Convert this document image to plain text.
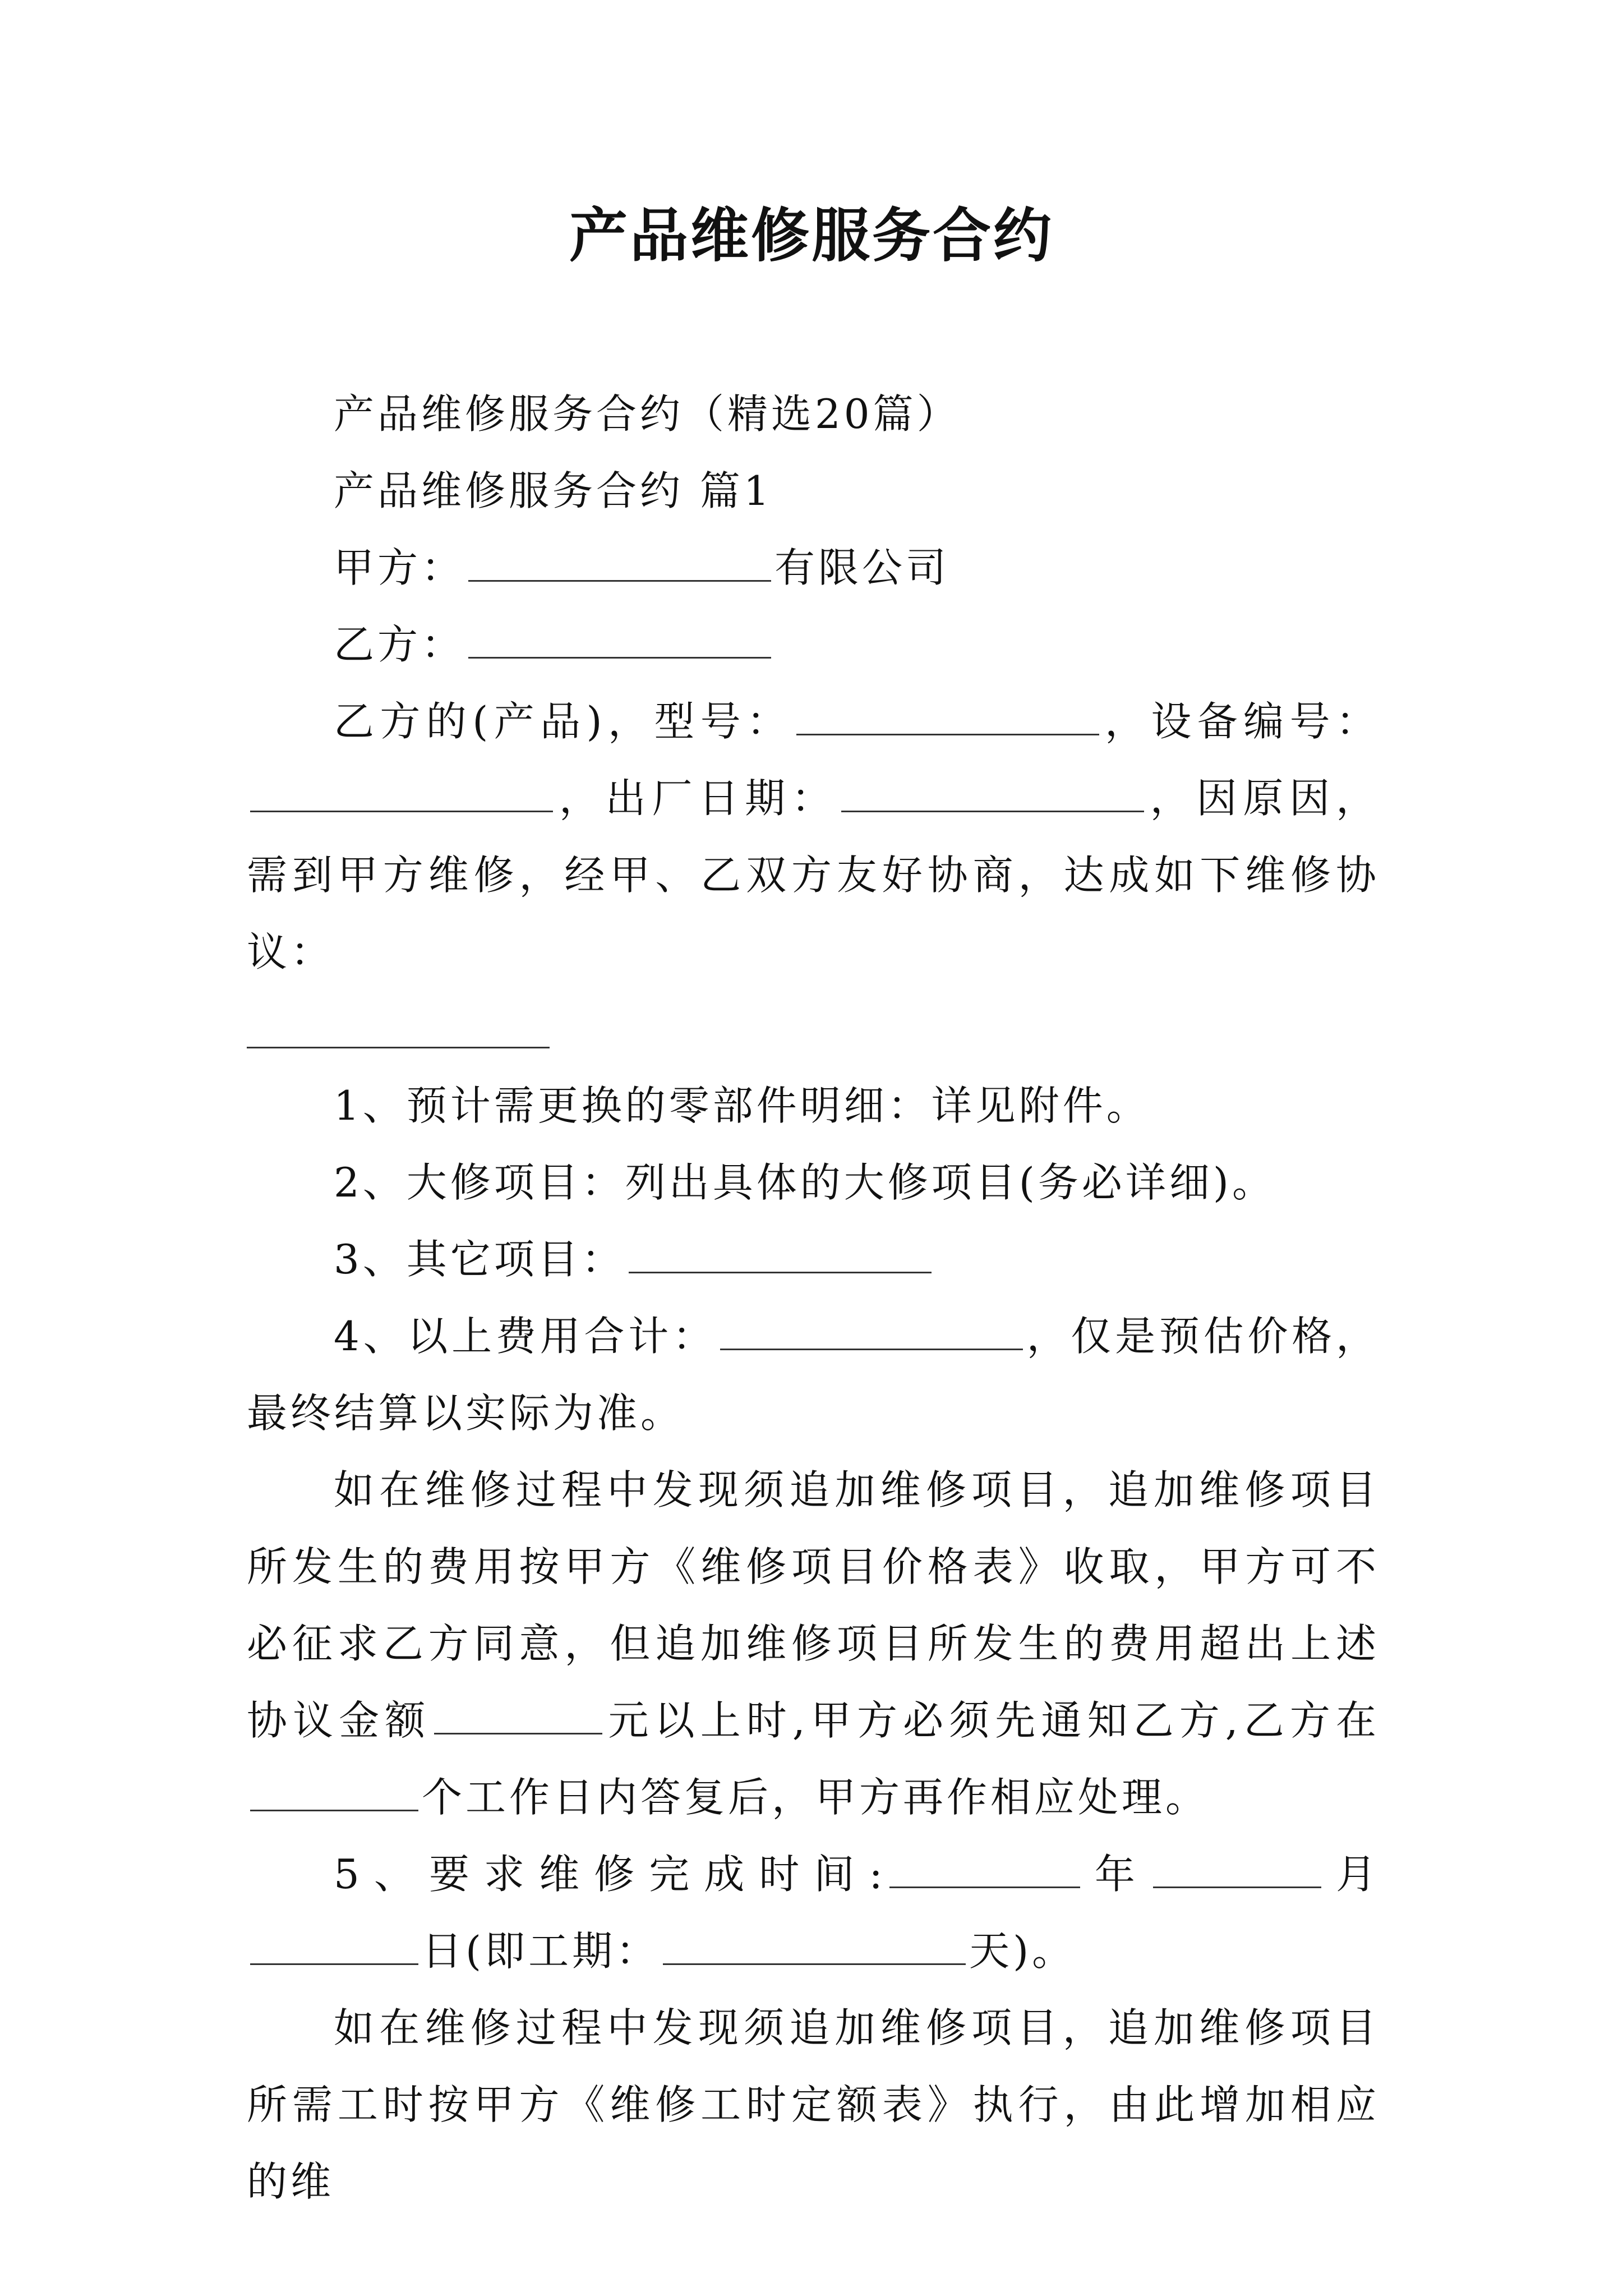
产品维修服务合约

产品维修服务合约（精选20篇）

产品维修服务合约 篇1

甲方：	有限公司

乙方：

乙方的(产品)，型号：	，设备编号：，出厂日期：	，因原因，需到甲方维修，经甲、乙双方友好协商，达成如下维修协议：

1、预计需更换的零部件明细：详见附件。

2、大修项目：列出具体的大修项目(务必详细)。

3、其它项目：

4、以上费用合计：	，仅是预估价格，最终结算以实际为准。

如在维修过程中发现须追加维修项目，追加维修项目所发生的费用按甲方《维修项目价格表》收取，甲方可不必征求乙方同意，但追加维修项目所发生的费用超出上述协议金额	元以上时,甲方必须先通知乙方,乙方在个工作日内答复后，甲方再作相应处理。

5、要求维修完成时间:	年	月日(即工期：	天)。

如在维修过程中发现须追加维修项目，追加维修项目所需工时按甲方《维修工时定额表》执行，由此增加相应的维
